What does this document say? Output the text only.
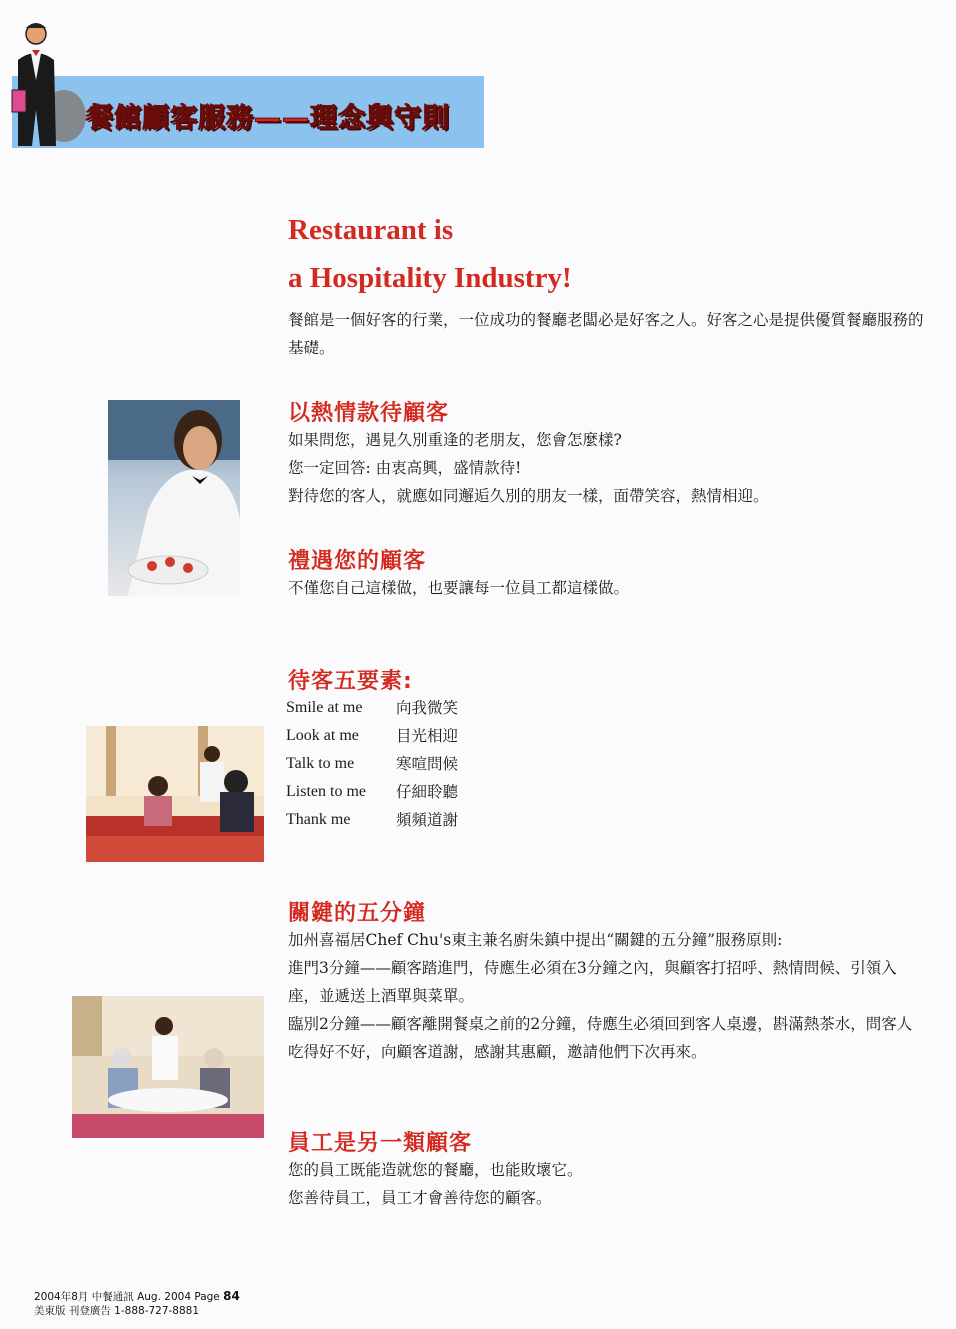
餐館顧客服務——理念與守則
Restaurant is
a Hospitality Industry!

餐館是一個好客的行業，一位成功的餐廳老闆必是好客之人。好客之心是提供優質餐廳服務的基礎。

以熱情款待顧客

如果問您，遇見久別重逢的老朋友，您會怎麼樣?

您一定回答: 由衷高興，盛情款待!

對待您的客人，就應如同邂逅久別的朋友一樣，面帶笑容，熱情相迎。

禮遇您的顧客

不僅您自己這樣做，也要讓每一位員工都這樣做。

待客五要素:
Smile at me	向我微笑
Look at me	目光相迎
Talk to me	寒喧問候
Listen to me	仔細聆聽
Thank me	頻頻道謝
關鍵的五分鐘

加州喜福居Chef Chu's東主兼名廚朱鎮中提出“關鍵的五分鐘”服務原則:

進門3分鐘——顧客踏進門，侍應生必須在3分鐘之內，與顧客打招呼、熱情問候、引領入座，並遞送上酒單與菜單。

臨別2分鐘——顧客離開餐桌之前的2分鐘，侍應生必須回到客人桌邊，斟滿熱茶水，問客人吃得好不好，向顧客道謝，感謝其惠顧，邀請他們下次再來。

員工是另一類顧客

您的員工既能造就您的餐廳，也能敗壞它。

您善待員工，員工才會善待您的顧客。

2004年8月 中餐通訊 Aug. 2004 Page 84
美東版 刊登廣告 1-888-727-8881
